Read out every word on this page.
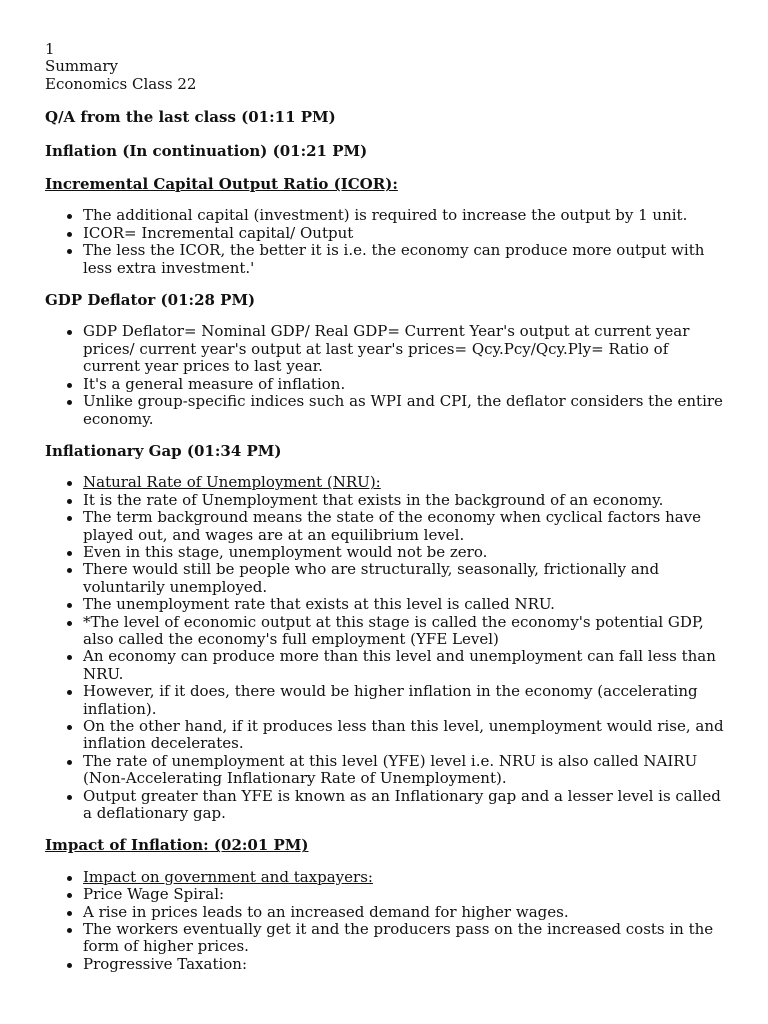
1

Summary

Economics Class 22

Q/A from the last class (01:11 PM)

Inflation (In continuation) (01:21 PM)

Incremental Capital Output Ratio (ICOR):

The additional capital (investment) is required to increase the output by 1 unit.
ICOR= Incremental capital/ Output
The less the ICOR, the better it is i.e. the economy can produce more output with less extra investment.'

GDP Deflator (01:28 PM)

GDP Deflator= Nominal GDP/ Real GDP= Current Year's output at current year prices/ current year's output at last year's prices= Qcy.Pcy/Qcy.Ply= Ratio of current year prices to last year.
It's a general measure of inflation.
Unlike group-specific indices such as WPI and CPI, the deflator considers the entire economy.

Inflationary Gap (01:34 PM)

Natural Rate of Unemployment (NRU):
It is the rate of Unemployment that exists in the background of an economy.
The term background means the state of the economy when cyclical factors have played out, and wages are at an equilibrium level.
Even in this stage, unemployment would not be zero.
There would still be people who are structurally, seasonally, frictionally and voluntarily unemployed.
The unemployment rate that exists at this level is called NRU.
*The level of economic output at this stage is called the economy's potential GDP, also called the economy's full employment (YFE Level)
An economy can produce more than this level and unemployment can fall less than NRU.
However, if it does, there would be higher inflation in the economy (accelerating inflation).
On the other hand, if it produces less than this level, unemployment would rise, and inflation decelerates.
The rate of unemployment at this level (YFE) level i.e. NRU is also called NAIRU (Non-Accelerating Inflationary Rate of Unemployment).
Output greater than YFE is known as an Inflationary gap and a lesser level is called a deflationary gap.

Impact of Inflation: (02:01 PM)

Impact on government and taxpayers:
Price Wage Spiral:
A rise in prices leads to an increased demand for higher wages.
The workers eventually get it and the producers pass on the increased costs in the form of higher prices.
Progressive Taxation:
